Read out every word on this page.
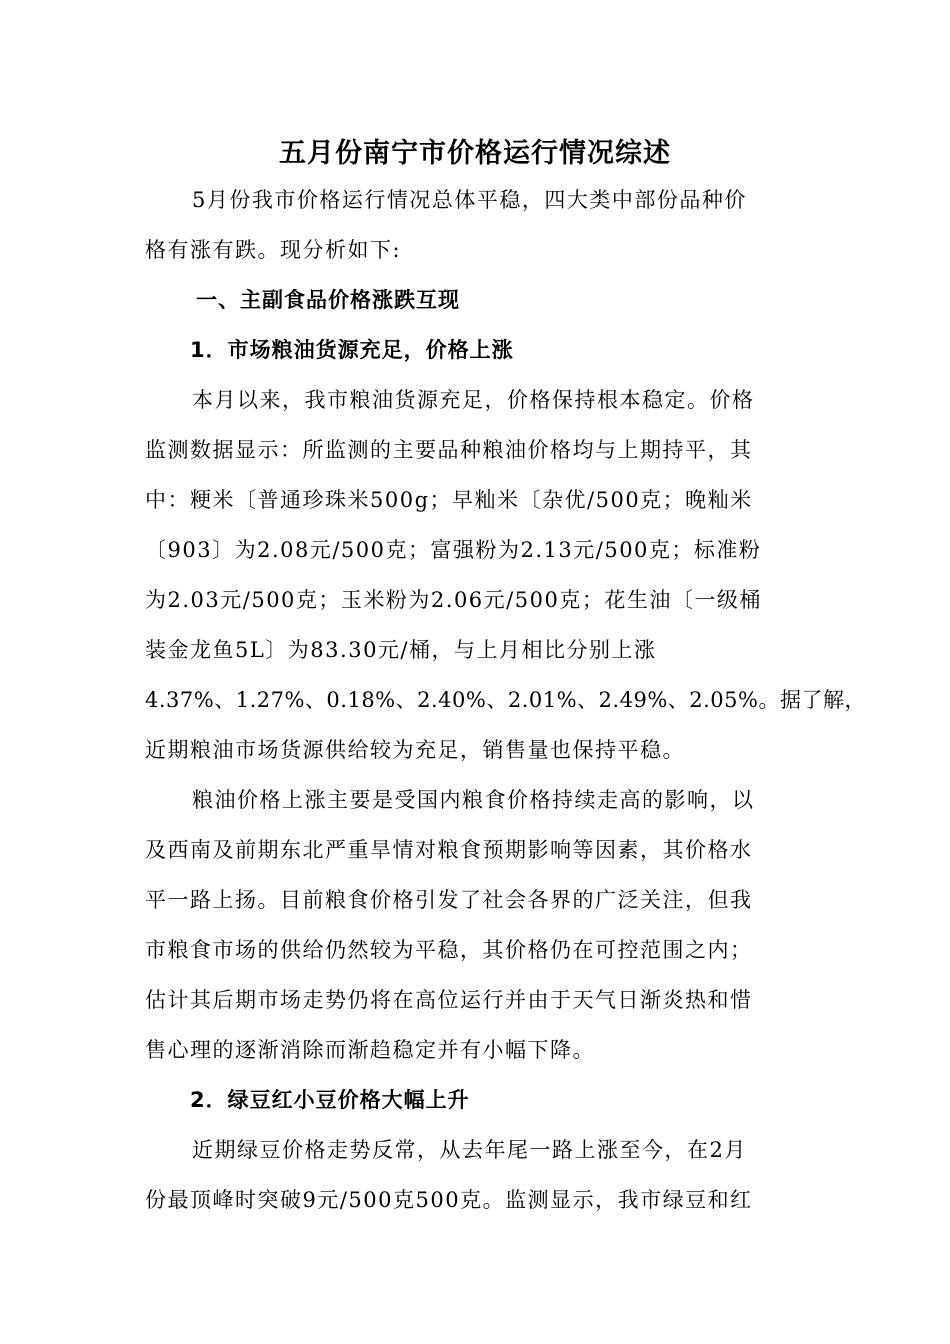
五月份南宁市价格运行情况综述
5月份我市价格运行情况总体平稳，四大类中部份品种价
格有涨有跌。现分析如下:
一、主副食品价格涨跌互现
1．市场粮油货源充足，价格上涨
本月以来，我市粮油货源充足，价格保持根本稳定。价格
监测数据显示：所监测的主要品种粮油价格均与上期持平，其
中：粳米〔普通珍珠米500g；早籼米〔杂优/500克；晚籼米
〔903〕为2.08元/500克；富强粉为2.13元/500克；标准粉
为2.03元/500克；玉米粉为2.06元/500克；花生油〔一级桶
装金龙鱼5L〕为83.30元/桶，与上月相比分别上涨
4.37%、1.27%、0.18%、2.40%、2.01%、2.49%、2.05%。据了解，
近期粮油市场货源供给较为充足，销售量也保持平稳。
粮油价格上涨主要是受国内粮食价格持续走高的影响，以
及西南及前期东北严重旱情对粮食预期影响等因素，其价格水
平一路上扬。目前粮食价格引发了社会各界的广泛关注，但我
市粮食市场的供给仍然较为平稳，其价格仍在可控范围之内；
估计其后期市场走势仍将在高位运行并由于天气日渐炎热和惜
售心理的逐渐消除而渐趋稳定并有小幅下降。
2．绿豆红小豆价格大幅上升
近期绿豆价格走势反常，从去年尾一路上涨至今，在2月
份最顶峰时突破9元/500克500克。监测显示，我市绿豆和红
